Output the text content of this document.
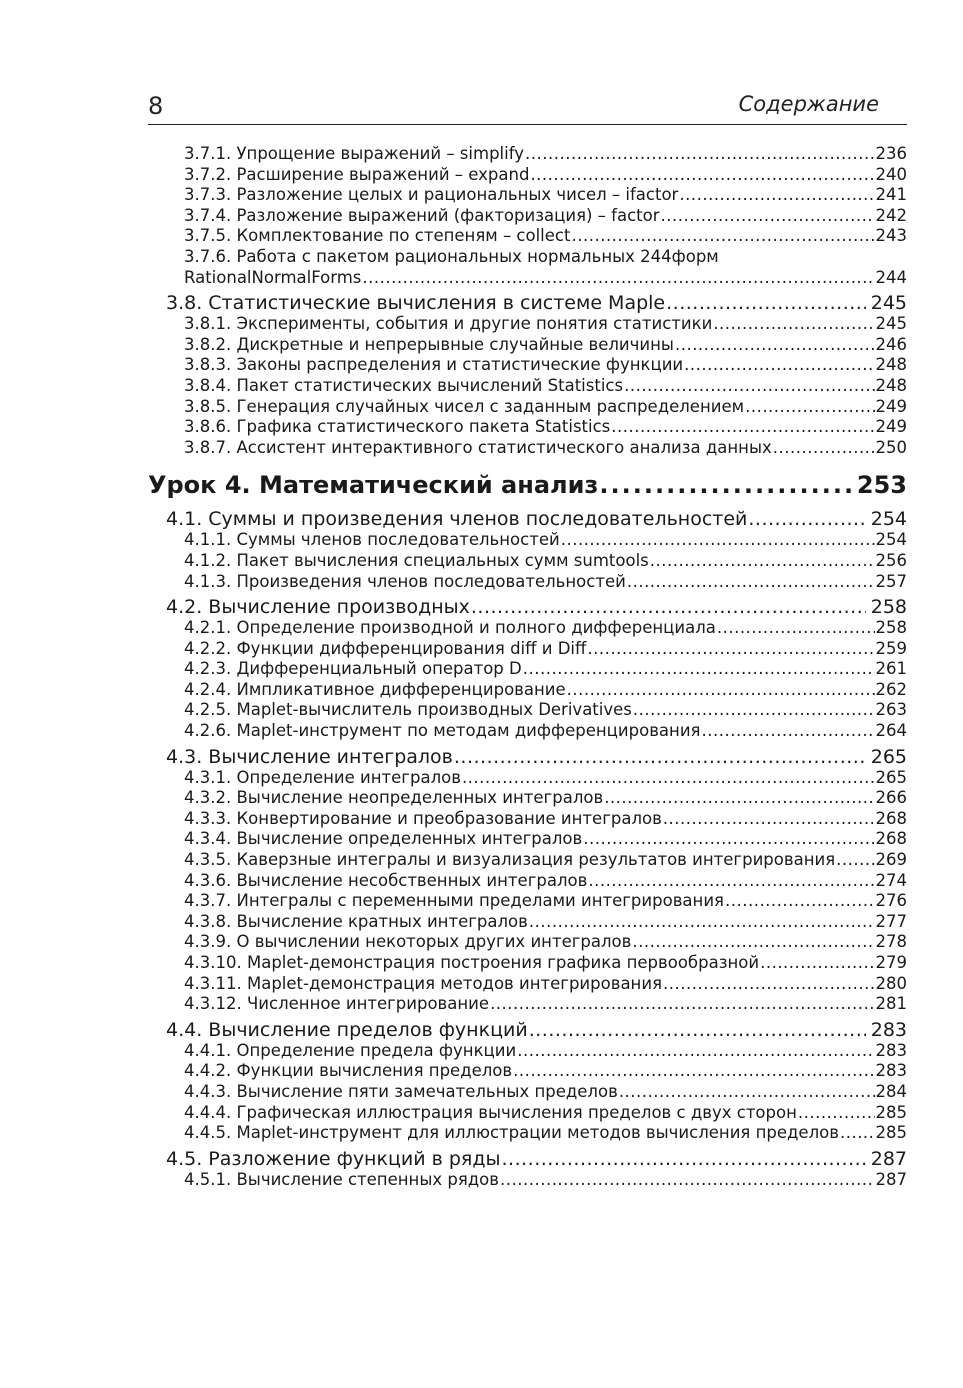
8	Содержание
3.7.1. Упрощение выражений – simplify .....	236
3.7.2. Расширение выражений – expand .....	240
3.7.3. Разложение целых и рациональных чисел – ifactor .....	241
3.7.4. Разложение выражений (факторизация) – factor .....	242
3.7.5. Комплектование по степеням – collect .....	243
3.7.6. Работа с пакетом рациональных нормальных 244форм
RationalNormalForms .....	244
3.8. Статистические вычисления в системе Maple .....	245
3.8.1. Эксперименты, события и другие понятия статистики .....	245
3.8.2. Дискретные и непрерывные случайные величины .....	246
3.8.3. Законы распределения и статистические функции .....	248
3.8.4. Пакет статистических вычислений Statistics .....	248
3.8.5. Генерация случайных чисел с заданным распределением .....	249
3.8.6. Графика статистического пакета Statistics .....	249
3.8.7. Ассистент интерактивного статистического анализа данных .....	250
Урок 4. Математический анализ .....	253
4.1. Суммы и произведения членов последовательностей .....	254
4.1.1. Суммы членов последовательностей .....	254
4.1.2. Пакет вычисления специальных сумм sumtools .....	256
4.1.3. Произведения членов последовательностей .....	257
4.2. Вычисление производных .....	258
4.2.1. Определение производной и полного дифференциала .....	258
4.2.2. Функции дифференцирования diff и Diff .....	259
4.2.3. Дифференциальный оператор D .....	261
4.2.4. Импликативное дифференцирование .....	262
4.2.5. Maplet-вычислитель производных Derivatives .....	263
4.2.6. Maplet-инструмент по методам дифференцирования .....	264
4.3. Вычисление интегралов .....	265
4.3.1. Определение интегралов .....	265
4.3.2. Вычисление неопределенных интегралов .....	266
4.3.3. Конвертирование и преобразование интегралов .....	268
4.3.4. Вычисление определенных интегралов .....	268
4.3.5. Каверзные интегралы и визуализация результатов интегрирования ..... 269
4.3.6. Вычисление несобственных интегралов .....	274
4.3.7. Интегралы с переменными пределами интегрирования .....	276
4.3.8. Вычисление кратных интегралов .....	277
4.3.9. О вычислении некоторых других интегралов .....	278
4.3.10. Maplet-демонстрация построения графика первообразной .....	279
4.3.11. Maplet-демонстрация методов интегрирования .....	280
4.3.12. Численное интегрирование .....	281
4.4. Вычисление пределов функций .....	283
4.4.1. Определение предела функции .....	283
4.4.2. Функции вычисления пределов .....	283
4.4.3. Вычисление пяти замечательных пределов .....	284
4.4.4. Графическая иллюстрация вычисления пределов с двух сторон .....	285
4.4.5. Maplet-инструмент для иллюстрации методов вычисления пределов ..... 285
4.5. Разложение функций в ряды .....	287
4.5.1. Вычисление степенных рядов .....	287
